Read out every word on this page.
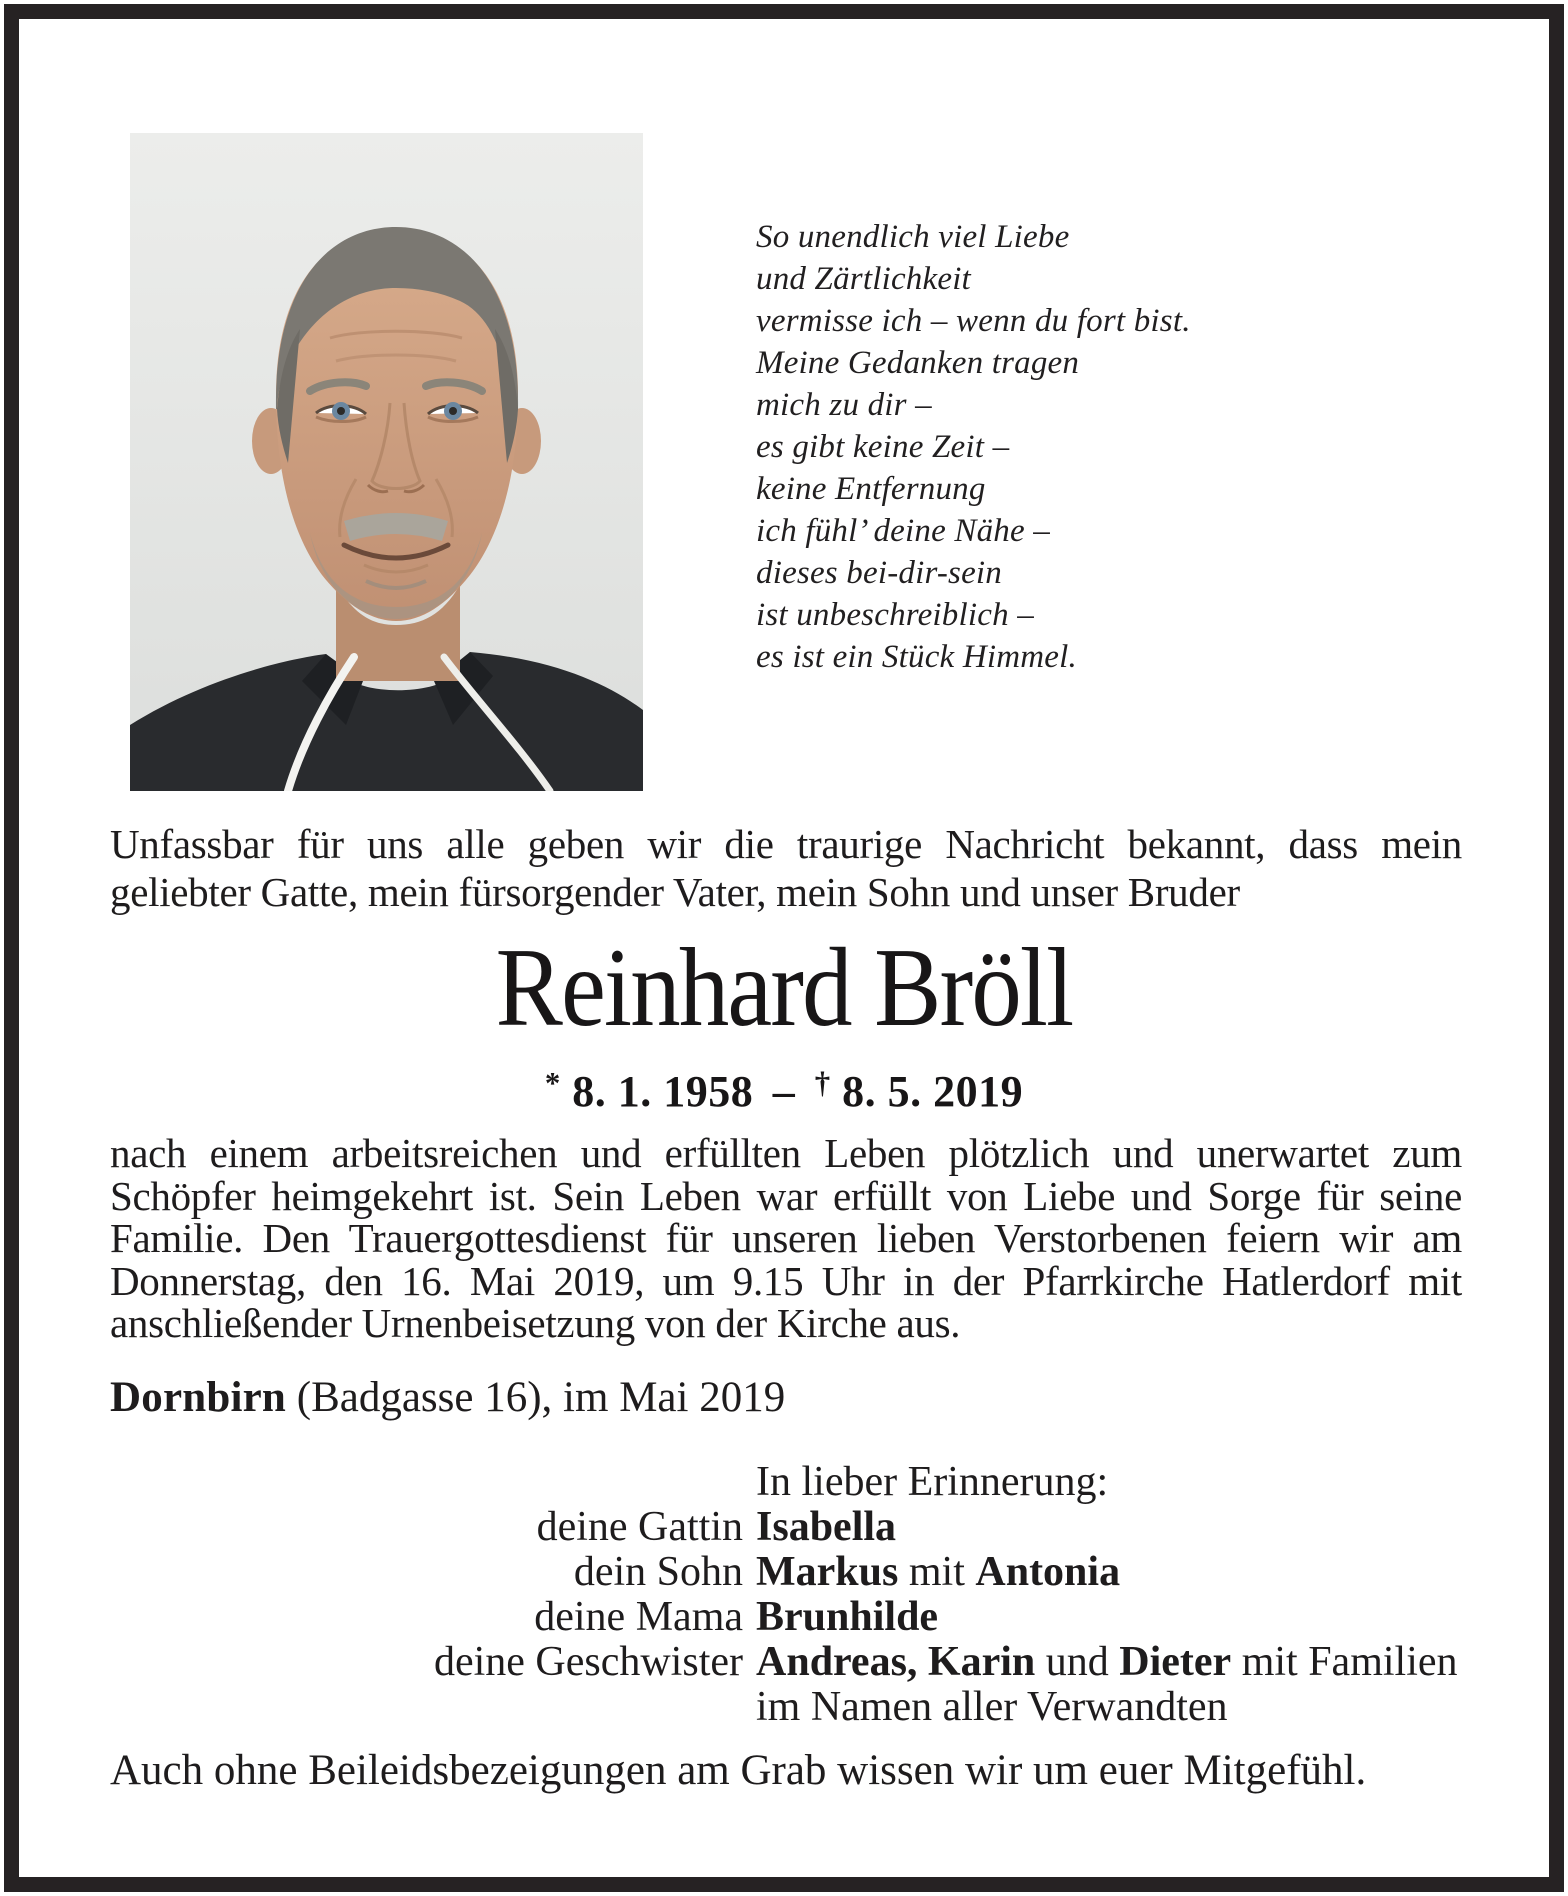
So unendlich viel Liebe
und Zärtlichkeit
vermisse ich – wenn du fort bist.
Meine Gedanken tragen
mich zu dir –
es gibt keine Zeit –
keine Entfernung
ich fühl’ deine Nähe –
dieses bei-dir-sein
ist unbeschreiblich –
es ist ein Stück Himmel.
Unfassbar für uns alle geben wir die traurige Nachricht bekannt, dass mein geliebter Gatte, mein fürsorgender Vater, mein Sohn und unser Bruder
Reinhard Bröll
* 8. 1. 1958 – † 8. 5. 2019
nach einem arbeitsreichen und erfüllten Leben plötzlich und unerwartet zum Schöpfer heimgekehrt ist. Sein Leben war erfüllt von Liebe und Sorge für seine Familie. Den Trauergottesdienst für unseren lieben Verstorbenen feiern wir am Donnerstag, den 16. Mai 2019, um 9.15 Uhr in der Pfarrkirche Hatlerdorf mit anschließender Urnenbeisetzung von der Kirche aus.
Dornbirn (Badgasse 16), im Mai 2019
In lieber Erinnerung:
deine Gattin Isabella
dein Sohn Markus mit Antonia
deine Mama Brunhilde
deine Geschwister Andreas, Karin und Dieter mit Familien
im Namen aller Verwandten
Auch ohne Beileidsbezeigungen am Grab wissen wir um euer Mitgefühl.
